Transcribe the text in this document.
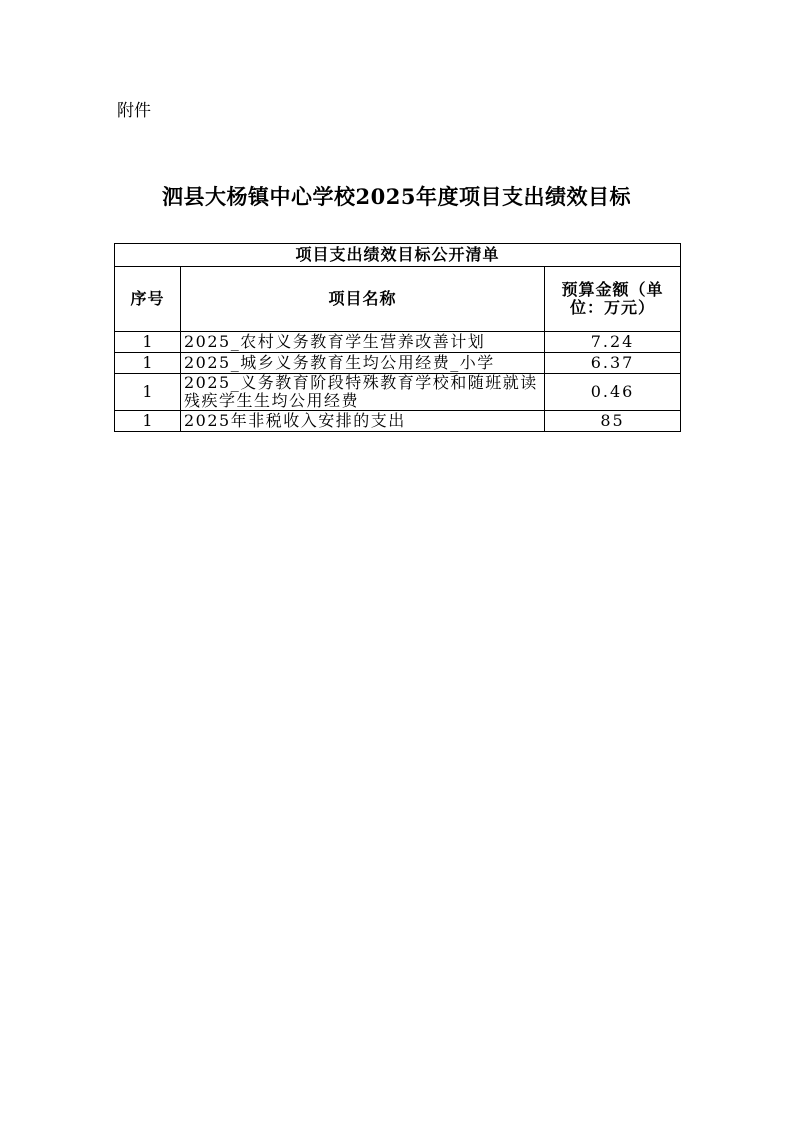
附件
泗县大杨镇中心学校2025年度项目支出绩效目标
项目支出绩效目标公开清单		
序号	项目名称	预算金额（单位：万元）
1	2025_农村义务教育学生营养改善计划	7.24
1	2025_城乡义务教育生均公用经费_小学	6.37
1	2025_义务教育阶段特殊教育学校和随班就读残疾学生生均公用经费	0.46
1	2025年非税收入安排的支出	85
